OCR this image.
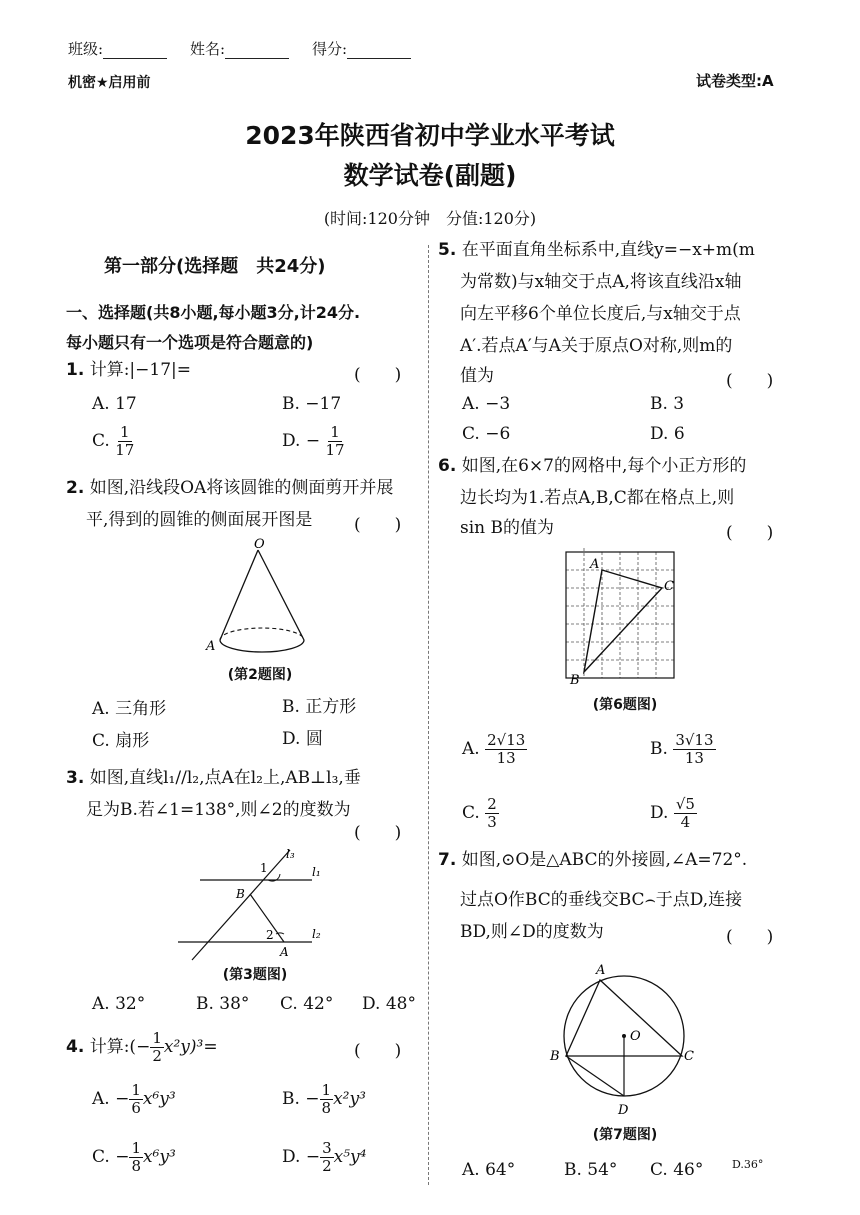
班级:	姓名:	得分:
机密★启用前	试卷类型:A
2023年陕西省初中学业水平考试
数学试卷(副题)
(时间:120分钟　分值:120分)
第一部分(选择题　共24分)
一、选择题(共8小题,每小题3分,计24分.
每小题只有一个选项是符合题意的)
1. 计算:|−17|=	(　　)
A. 17	B. −17
C. $\frac{1}{17}$	D. − $\frac{1}{17}$
2. 如图,沿线段OA将该圆锥的侧面剪开并展
平,得到的圆锥的侧面展开图是 (　　)
O
A
(第2题图)
A. 三角形	B. 正方形
C. 扇形	D. 圆
3. 如图,直线l₁//l₂,点A在l₂上,AB⊥l₃,垂
足为B.若∠1=138°,则∠2的度数为
(　　)
1
2
l₃
l₁
l₂
B
A
(第3题图)
A. 32°	B. 38° C. 42° D. 48°
4. 计算:(− $\frac{1}{2} x^2y)^3=$	(　　)
A. − $\frac{1}{6} x^6y^3$	B. − $\frac{1}{8} x^2y^3$
C. − $\frac{1}{8} x^6y^3$	D. − $\frac{3}{2} x^5y^4$
5. 在平面直角坐标系中,直线y=−x+m(m
为常数)与x轴交于点A,将该直线沿x轴
向左平移6个单位长度后,与x轴交于点
A′.若点A′与A关于原点O对称,则m的
值为	(　　)
A. −3	B. 3
C. −6	D. 6
6. 如图,在6×7的网格中,每个小正方形的
边长均为1.若点A,B,C都在格点上,则
sin B的值为	(　　)
A
C
B
(第6题图)
A. $\frac{2√13}{13}$	B. $\frac{3√13}{13}$
C. $\frac{2}{3}$	D. $\frac{√5}{4}$
7. 如图,⊙O是△ABC的外接圆,∠A=72°.
过点O作BC的垂线交BC⌢于点D,连接
BD,则∠D的度数为	(　　)
A
B	C
O
D
(第7题图)
A. 64°	B. 54° C. 46°	D.36°
